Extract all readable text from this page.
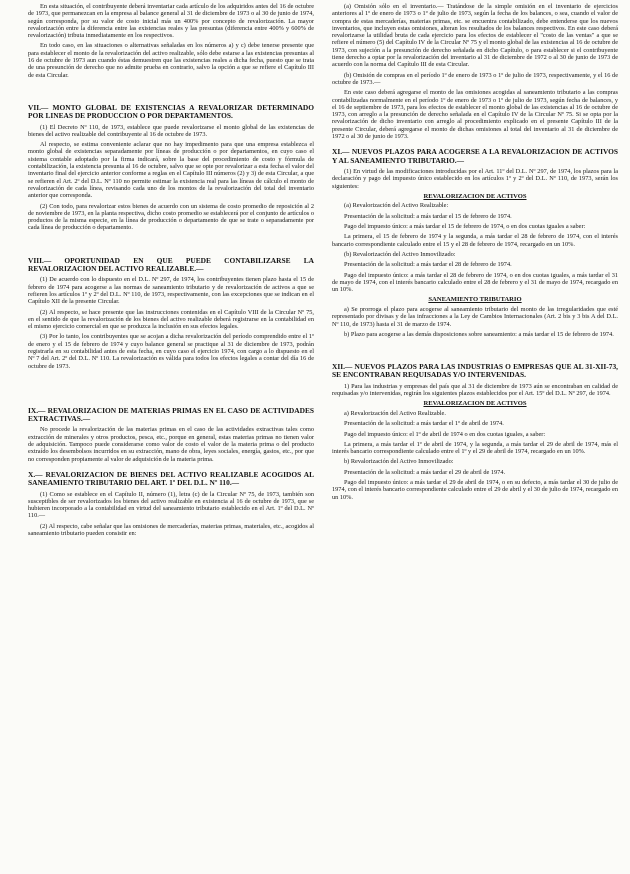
En esta situación, el contribuyente deberá inventariar cada artículo de los adquiridos antes del 16 de octubre de 1973, que permanezcan en la empresa al balance general al 31 de diciembre de 1973 o al 30 de junio de 1974, según corresponda, por su valor de costo inicial más un 400% por concepto de revalorización. La mayor revalorización entre la diferencia entre las existencias reales y las presuntas (diferencia entre 400% y 600% de revalorización) tributa inmediatamente en los respectivos.

En todo caso, en las situaciones o alternativas señaladas en los números a) y c) debe tenerse presente que para establecer el monto de la revalorización del activo realizable, sólo debe estarse a las existencias presuntas al 16 de octubre de 1973 aun cuando éstas demuestren que las existencias reales a dicha fecha, puesto que se trata de una presunción de derecho que no admite prueba en contrario, salvo la opción a que se refiere el Capítulo III de esta Circular.

VII.— MONTO GLOBAL DE EXISTENCIAS A REVALORIZAR DETERMINADO POR LINEAS DE PRODUCCION O POR DEPARTAMENTOS.

(1) El Decreto Nº 110, de 1973, establece que puede revalorizarse el monto global de las existencias de bienes del activo realizable del contribuyente al 16 de octubre de 1973.

Al respecto, se estima conveniente aclarar que no hay impedimento para que una empresa establezca el monto global de existencias separadamente por líneas de producción o por departamentos, en cuyo caso el sistema contable adoptado por la firma indicará, sobre la base del procedimiento de costo y fórmula de contabilización, la existencia presunta al 16 de octubre, salvo que se opte por revalorizar a esta fecha el valor del inventario final del ejercicio anterior conforme a reglas en el Capítulo III números (2) y 3) de esta Circular, a que se refieren el Art. 2º del D.L. Nº 110 no permite estimar la existencia real para las líneas de cálculo el monto de revalorización de cada línea, revisando cada uno de los montos de la revalorización del total del inventario anterior que corresponda.

(2) Con todo, para revalorizar estos bienes de acuerdo con un sistema de costo promedio de reposición al 2 de noviembre de 1973, en la planta respectiva, dicho costo promedio se establecerá por el conjunto de artículos o productos de la misma especie, en la línea de producción o departamento de que se trate o separadamente por cada línea de producción o departamento.

VIII.— OPORTUNIDAD EN QUE PUEDE CONTABILIZARSE LA REVALORIZACION DEL ACTIVO REALIZABLE.—

(1) De acuerdo con lo dispuesto en el D.L. Nº 297, de 1974, los contribuyentes tienen plazo hasta el 15 de febrero de 1974 para acogerse a las normas de saneamiento tributario y de revalorización de activos a que se refieren los artículos 1º y 2º del D.L. Nº 110, de 1973, respectivamente, con las excepciones que se indican en el Capítulo XII de la presente Circular.

(2) Al respecto, se hace presente que las instrucciones contenidas en el Capítulo VIII de la Circular Nº 75, en el sentido de que la revalorización de los bienes del activo realizable deberá registrarse en la contabilidad en el mismo ejercicio comercial en que se produzca la inclusión en sus efectos legales.

(3) Por lo tanto, los contribuyentes que se acojan a dicha revalorización del período comprendido entre el 1º de enero y el 15 de febrero de 1974 y cuyo balance general se practique al 31 de diciembre de 1973, podrán registrarla en su contabilidad antes de esta fecha, en cuyo caso el ejercicio 1974, con cargo a lo dispuesto en el Nº 7 del Art. 2º del D.L. Nº 110. La revalorización es válida para todos los efectos legales a contar del día 16 de octubre de 1973.

IX.— REVALORIZACION DE MATERIAS PRIMAS EN EL CASO DE ACTIVIDADES EXTRACTIVAS.—

No procede la revalorización de las materias primas en el caso de las actividades extractivas tales como extracción de minerales y otros productos, pesca, etc., porque en general, estas materias primas no tienen valor de adquisición. Tampoco puede considerarse como valor de costo el valor de la materia prima o del producto extraído los desembolsos incurridos en su extracción, mano de obra, leyes sociales, energía, gastos, etc., por que no corresponden propiamente al valor de adquisición de la materia prima.

X.— REVALORIZACION DE BIENES DEL ACTIVO REALIZABLE ACOGIDOS AL SANEAMIENTO TRIBUTARIO DEL ART. 1º DEL D.L. Nº 110.—

(1) Como se establece en el Capítulo II, número (1), letra (c) de la Circular Nº 75, de 1973, también son susceptibles de ser revalorizados los bienes del activo realizable en existencia al 16 de octubre de 1973, que se hubieren incorporado a la contabilidad en virtud del saneamiento tributario establecido en el Art. 1º del D.L. Nº 110.—

(2) Al respecto, cabe señalar que las omisiones de mercaderías, materias primas, materiales, etc., acogidos al saneamiento tributario pueden consistir en:

(a) Omisión sólo en el inventario.— Tratándose de la simple omisión en el inventario de ejercicios anteriores al 1º de enero de 1973 o 1º de julio de 1973, según la fecha de los balances, o sea, cuando el valor de compra de estas mercaderías, materias primas, etc. se encuentra contabilizado, debe entenderse que los nuevos inventarios, que incluyen estas omisiones, alteran los resultados de los balances respectivos. En este caso deberá revalorizarse la utilidad bruta de cada ejercicio para los efectos de establecer el "costo de las ventas" a que se refiere el número (5) del Capítulo IV de la Circular Nº 75 y el monto global de las existencias al 16 de octubre de 1973, con sujeción a la presunción de derecho señalada en dicho Capítulo, o para establecer si el contribuyente tiene derecho a optar por la revalorización del inventario al 31 de diciembre de 1972 o al 30 de junio de 1973 de acuerdo con la norma del Capítulo III de esta Circular.

(b) Omisión de compras en el período 1º de enero de 1973 o 1º de julio de 1973, respectivamente, y el 16 de octubre de 1973.—

En este caso deberá agregarse el monto de las omisiones acogidas al saneamiento tributario a las compras contabilizadas normalmente en el período 1º de enero de 1973 o 1º de julio de 1973, según fecha de balances, y el 16 de septiembre de 1973, para los efectos de establecer el monto global de las existencias al 16 de octubre de 1973, con arreglo a la presunción de derecho señalada en el Capítulo IV de la Circular Nº 75. Si se opta por la revalorización de dicho inventario con arreglo al procedimiento explicado en el presente Capítulo III de la presente Circular, deberá agregarse el monto de dichas omisiones al total del inventario al 31 de diciembre de 1972 o al 30 de junio de 1973.

XI.— NUEVOS PLAZOS PARA ACOGERSE A LA REVALORIZACION DE ACTIVOS Y AL SANEAMIENTO TRIBUTARIO.—

(1) En virtud de las modificaciones introducidas por el Art. 11º del D.L. Nº 297, de 1974, los plazos para la declaración y pago del impuesto único establecido en los artículos 1º y 2º del D.L. Nº 110, de 1973, serán los siguientes:

REVALORIZACION DE ACTIVOS

(a) Revalorización del Activo Realizable:

Presentación de la solicitud: a más tardar el 15 de febrero de 1974.

Pago del impuesto único: a más tardar el 15 de febrero de 1974, o en dos cuotas iguales a saber:

La primera, el 15 de febrero de 1974 y la segunda, a más tardar el 28 de febrero de 1974, con el interés bancario correspondiente calculado entre el 15 y el 28 de febrero de 1974, recargado en un 10%.

(b) Revalorización del Activo Inmovilizado:

Presentación de la solicitud: a más tardar el 28 de febrero de 1974.

Pago del impuesto único: a más tardar el 28 de febrero de 1974, o en dos cuotas iguales, a más tardar el 31 de mayo de 1974, con el interés bancario calculado entre el 28 de febrero y el 31 de mayo de 1974, recargado en un 10%.

SANEAMIENTO TRIBUTARIO

a) Se prorroga el plazo para acogerse al saneamiento tributario del monto de las irregularidades que esté representado por divisas y de las infracciones a la Ley de Cambios Internacionales (Art. 2 bis y 3 bis A del D.L. Nº 110, de 1973) hasta el 31 de marzo de 1974.

b) Plazo para acogerse a las demás disposiciones sobre saneamiento: a más tardar el 15 de febrero de 1974.

XII.— NUEVOS PLAZOS PARA LAS INDUSTRIAS O EMPRESAS QUE AL 31-XII-73, SE ENCONTRABAN REQUISADAS Y/O INTERVENIDAS.

1) Para las industrias y empresas del país que al 31 de diciembre de 1973 aún se encontraban en calidad de requisadas y/o intervenidas, regirán los siguientes plazos establecidos por el Art. 15º del D.L. Nº 297, de 1974.

REVALORIZACION DE ACTIVOS

a) Revalorización del Activo Realizable.

Presentación de la solicitud: a más tardar el 1º de abril de 1974.

Pago del impuesto único: el 1º de abril de 1974 o en dos cuotas iguales, a saber:

La primera, a más tardar el 1º de abril de 1974, y la segunda, a más tardar el 29 de abril de 1974, más el interés bancario correspondiente calculado entre el 1º y el 29 de abril de 1974, recargado en un 10%.

b) Revalorización del Activo Inmovilizado:

Presentación de la solicitud: a más tardar el 29 de abril de 1974.

Pago del impuesto único: a más tardar el 29 de abril de 1974, o en su defecto, a más tardar el 30 de julio de 1974, con el interés bancario correspondiente calculado entre el 29 de abril y el 30 de julio de 1974, recargado en un 10%.
